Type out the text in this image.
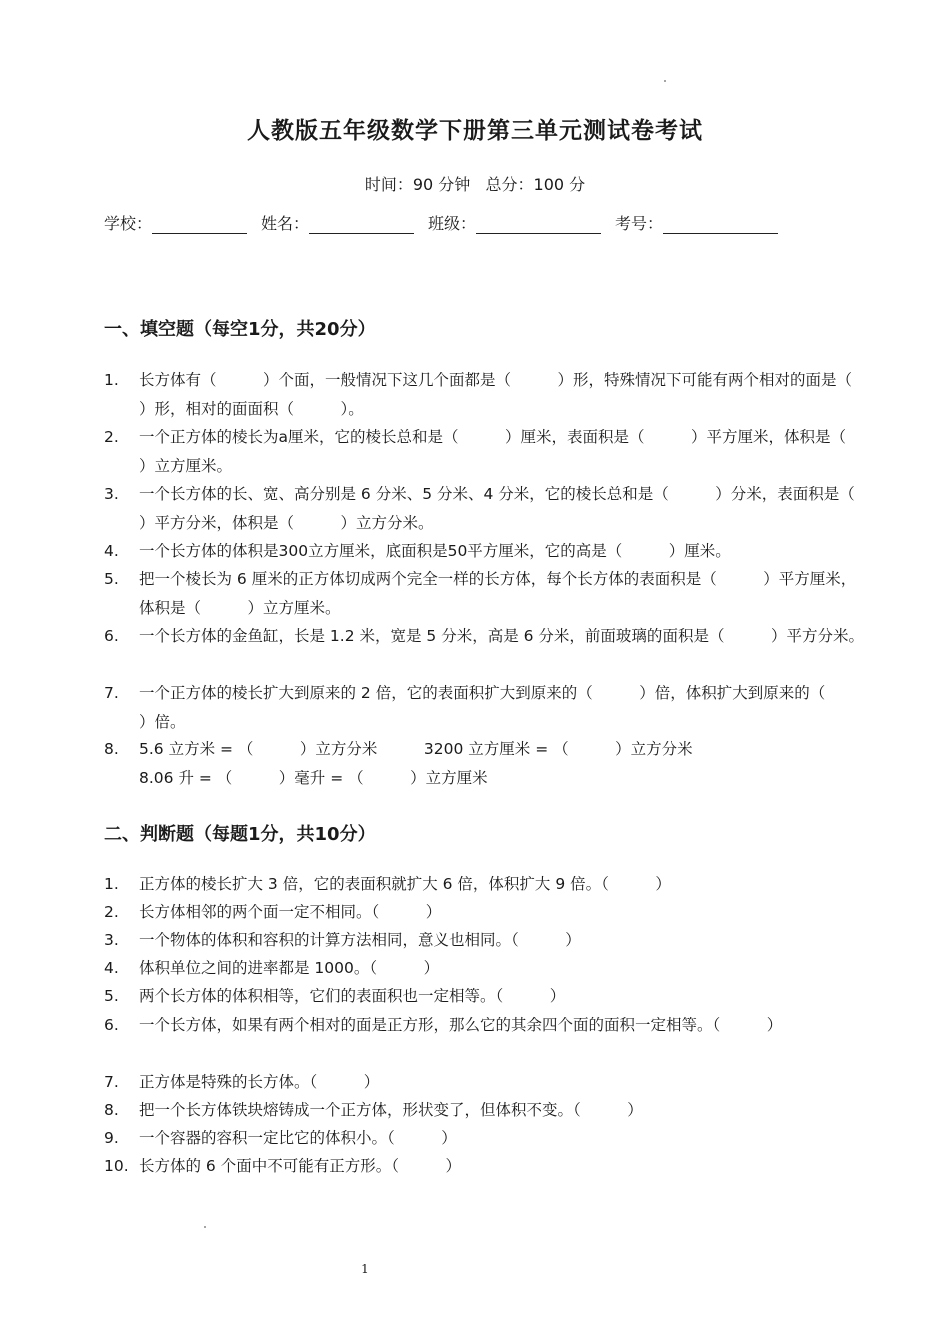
人教版五年级数学下册第三单元测试卷考试
时间：90 分钟   总分：100 分
学校：	姓名：	班级：	考号：
一、填空题（每空1分，共20分）
1.	长方体有（　　　）个面，一般情况下这几个面都是（　　　）形，特殊情况下可能有两个相对的面是（　　　）形，相对的面面积（　　　）。
2.	一个正方体的棱长为a厘米，它的棱长总和是（　　　）厘米，表面积是（　　　）平方厘米，体积是（　　　）立方厘米。
3.	一个长方体的长、宽、高分别是 6 分米、5 分米、4 分米，它的棱长总和是（　　　）分米，表面积是（　　　）平方分米，体积是（　　　）立方分米。
4.	一个长方体的体积是300立方厘米，底面积是50平方厘米，它的高是（　　　）厘米。
5.	把一个棱长为 6 厘米的正方体切成两个完全一样的长方体，每个长方体的表面积是（　　　）平方厘米，体积是（　　　）立方厘米。
6.	一个长方体的金鱼缸，长是 1.2 米，宽是 5 分米，高是 6 分米，前面玻璃的面积是（　　　）平方分米。
7.	一个正方体的棱长扩大到原来的 2 倍，它的表面积扩大到原来的（　　　）倍，体积扩大到原来的（　　　）倍。
8.	5.6 立方米 = （　　　）立方分米　　　3200 立方厘米 = （　　　）立方分米
8.06 升 = （　　　）毫升 = （　　　）立方厘米
二、判断题（每题1分，共10分）
1.	正方体的棱长扩大 3 倍，它的表面积就扩大 6 倍，体积扩大 9 倍。（　　　）
2.	长方体相邻的两个面一定不相同。（　　　）
3.	一个物体的体积和容积的计算方法相同，意义也相同。（　　　）
4.	体积单位之间的进率都是 1000。（　　　）
5.	两个长方体的体积相等，它们的表面积也一定相等。（　　　）
6.	一个长方体，如果有两个相对的面是正方形，那么它的其余四个面的面积一定相等。（　　　）
7.	正方体是特殊的长方体。（　　　）
8.	把一个长方体铁块熔铸成一个正方体，形状变了，但体积不变。（　　　）
9.	一个容器的容积一定比它的体积小。（　　　）
10. 长方体的 6 个面中不可能有正方形。（　　　）
1
